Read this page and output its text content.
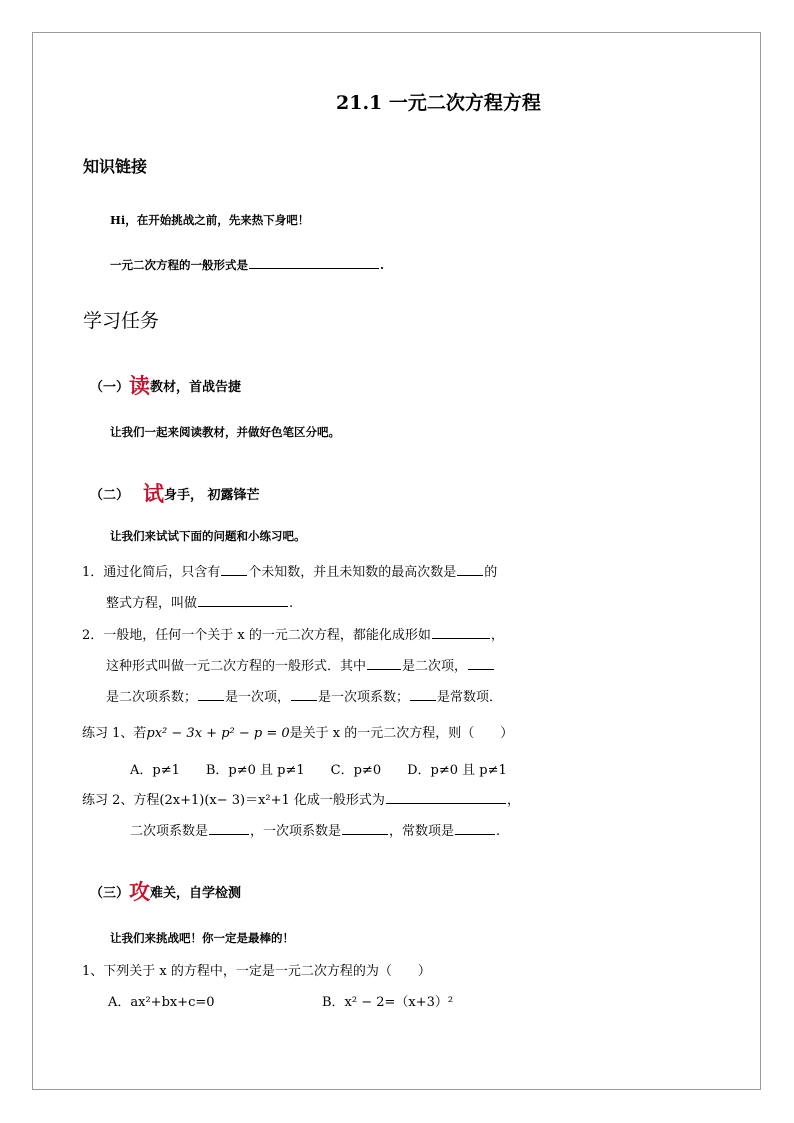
21.1 一元二次方程方程
知识链接
Hi，在开始挑战之前，先来热下身吧！
一元二次方程的一般形式是	.
学习任务
（一）读教材，首战告捷
让我们一起来阅读教材，并做好色笔区分吧。
（二） 试身手， 初露锋芒
让我们来试试下面的问题和小练习吧。
1．通过化简后，只含有 个未知数，并且未知数的最高次数是 的
整式方程，叫做	.
2．一般地，任何一个关于 x 的一元二次方程，都能化成形如	，
这种形式叫做一元二次方程的一般形式．其中	是二次项，
是二次项系数； 是一次项， 是一次项系数； 是常数项．
练习 1、若px² − 3x + p² − p = 0是关于 x 的一元二次方程，则（　　）
A．p≠1　　B．p≠0 且 p≠1　　C．p≠0　　D．p≠0 且 p≠1
练习 2、方程(2x+1)(x− 3)＝x²+1 化成一般形式为	，
二次项系数是	，一次项系数是	，常数项是	.
（三）攻难关，自学检测
让我们来挑战吧！你一定是最棒的！
1、下列关于 x 的方程中，一定是一元二次方程的为（　　）
A．ax²+bx+c=0	B．x² − 2=（x+3）²
